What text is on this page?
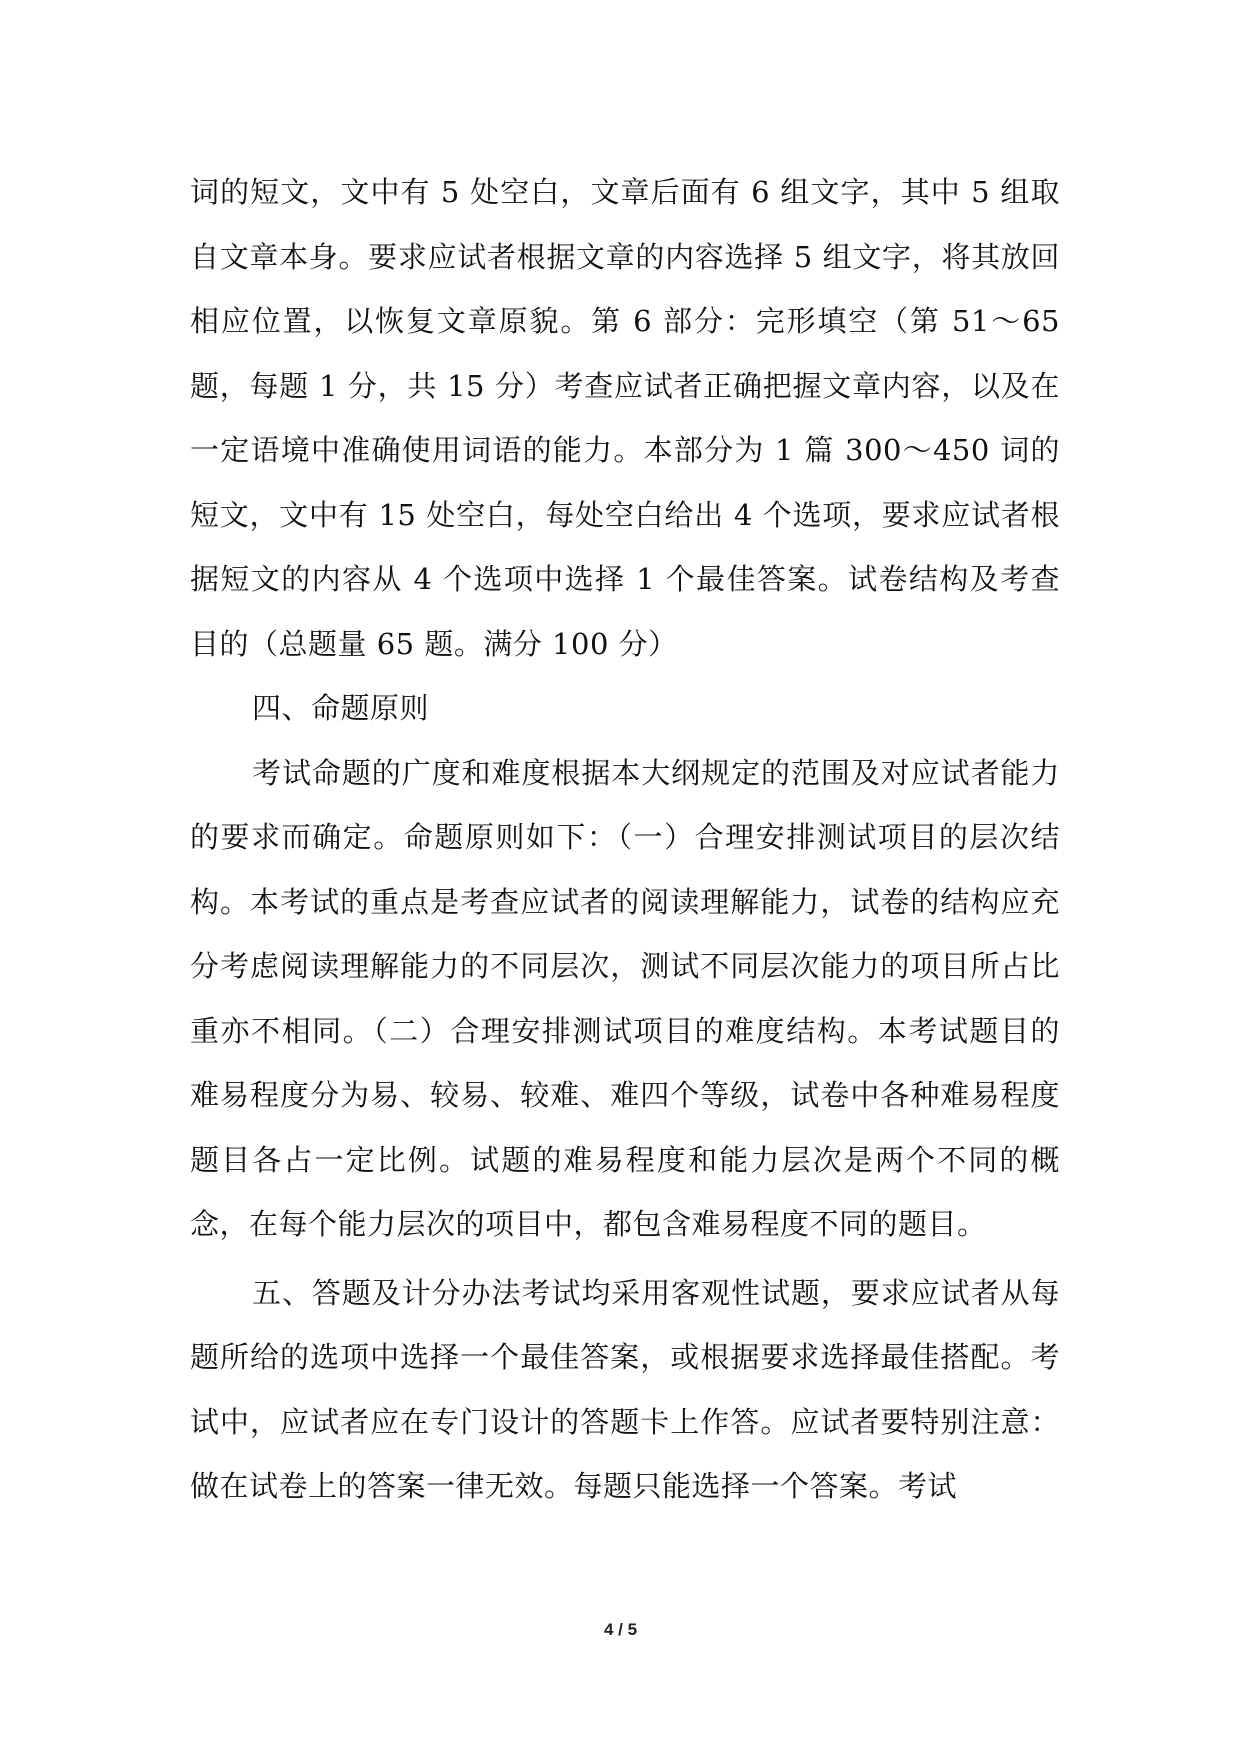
词的短文，文中有 5 处空白，文章后面有 6 组文字，其中 5 组取自文章本身。要求应试者根据文章的内容选择 5 组文字，将其放回相应位置，以恢复文章原貌。第 6 部分：完形填空（第 51～65 题，每题 1 分，共 15 分）考查应试者正确把握文章内容，以及在一定语境中准确使用词语的能力。本部分为 1 篇 300～450 词的短文，文中有 15 处空白，每处空白给出 4 个选项，要求应试者根据短文的内容从 4 个选项中选择 1 个最佳答案。试卷结构及考查目的（总题量 65 题。满分 100 分）

四、命题原则

考试命题的广度和难度根据本大纲规定的范围及对应试者能力的要求而确定。命题原则如下：（一）合理安排测试项目的层次结构。本考试的重点是考查应试者的阅读理解能力，试卷的结构应充分考虑阅读理解能力的不同层次，测试不同层次能力的项目所占比重亦不相同。（二）合理安排测试项目的难度结构。本考试题目的难易程度分为易、较易、较难、难四个等级，试卷中各种难易程度题目各占一定比例。试题的难易程度和能力层次是两个不同的概念，在每个能力层次的项目中，都包含难易程度不同的题目。

五、答题及计分办法考试均采用客观性试题，要求应试者从每题所给的选项中选择一个最佳答案，或根据要求选择最佳搭配。考试中，应试者应在专门设计的答题卡上作答。应试者要特别注意：做在试卷上的答案一律无效。每题只能选择一个答案。考试

4 / 5
